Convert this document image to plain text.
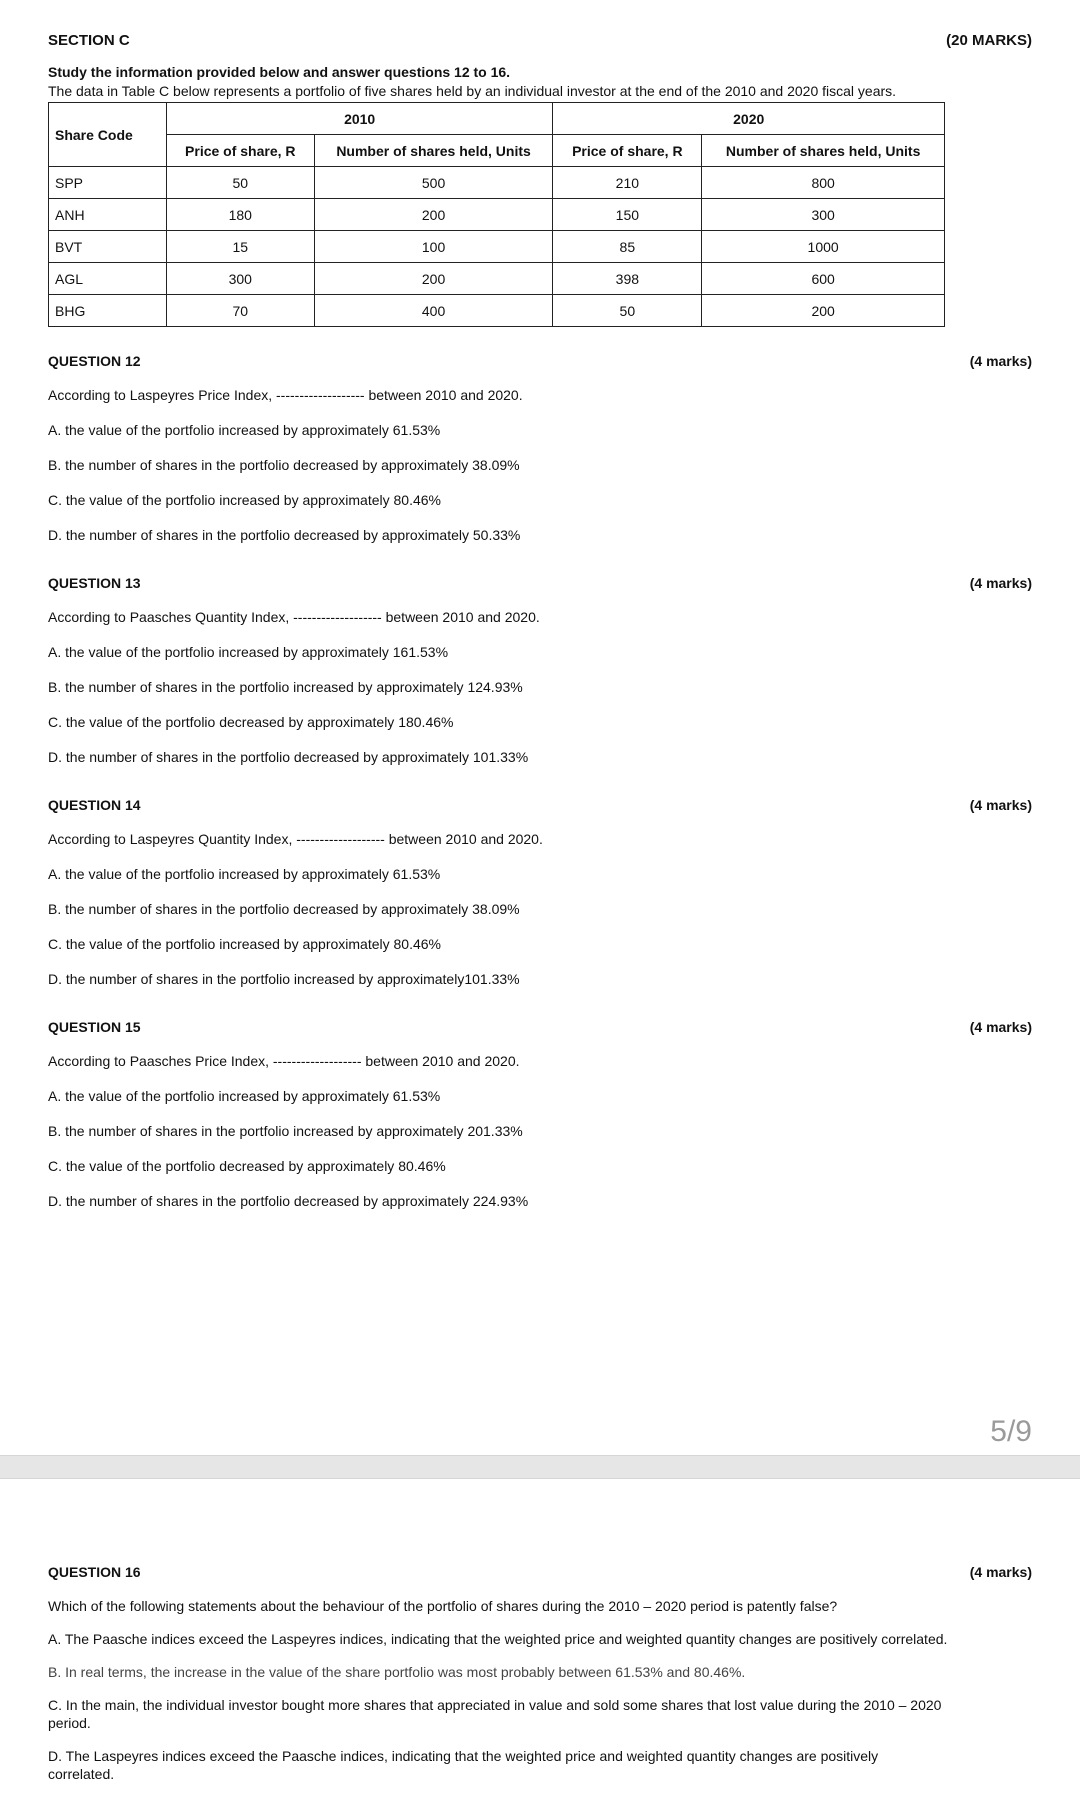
SECTION C	(20 MARKS)
Study the information provided below and answer questions 12 to 16.
The data in Table C below represents a portfolio of five shares held by an individual investor at the end of the 2010 and 2020 fiscal years.
Share Code	2010		2020	
	Price of share, R	Number of shares held, Units	Price of share, R	Number of shares held, Units
SPP	50	500	210	800
ANH	180	200	150	300
BVT	15	100	85	1000
AGL	300	200	398	600
BHG	70	400	50	200
QUESTION 12	(4 marks)
According to Laspeyres Price Index, ------------------- between 2010 and 2020.
A. the value of the portfolio increased by approximately 61.53%
B. the number of shares in the portfolio decreased by approximately 38.09%
C. the value of the portfolio increased by approximately 80.46%
D. the number of shares in the portfolio decreased by approximately 50.33%
QUESTION 13	(4 marks)
According to Paasches Quantity Index, ------------------- between 2010 and 2020.
A. the value of the portfolio increased by approximately 161.53%
B. the number of shares in the portfolio increased by approximately 124.93%
C. the value of the portfolio decreased by approximately 180.46%
D. the number of shares in the portfolio decreased by approximately 101.33%
QUESTION 14	(4 marks)
According to Laspeyres Quantity Index, ------------------- between 2010 and 2020.
A. the value of the portfolio increased by approximately 61.53%
B. the number of shares in the portfolio decreased by approximately 38.09%
C. the value of the portfolio increased by approximately 80.46%
D. the number of shares in the portfolio increased by approximately101.33%
QUESTION 15	(4 marks)
According to Paasches Price Index, ------------------- between 2010 and 2020.
A. the value of the portfolio increased by approximately 61.53%
B. the number of shares in the portfolio increased by approximately 201.33%
C. the value of the portfolio decreased by approximately 80.46%
D. the number of shares in the portfolio decreased by approximately 224.93%
5/9
QUESTION 16	(4 marks)
Which of the following statements about the behaviour of the portfolio of shares during the 2010 – 2020 period is patently false?
A. The Paasche indices exceed the Laspeyres indices, indicating that the weighted price and weighted quantity changes are positively correlated.
B. In real terms, the increase in the value of the share portfolio was most probably between 61.53% and 80.46%.
C. In the main, the individual investor bought more shares that appreciated in value and sold some shares that lost value during the 2010 – 2020 period.
D. The Laspeyres indices exceed the Paasche indices, indicating that the weighted price and weighted quantity changes are positively correlated.
